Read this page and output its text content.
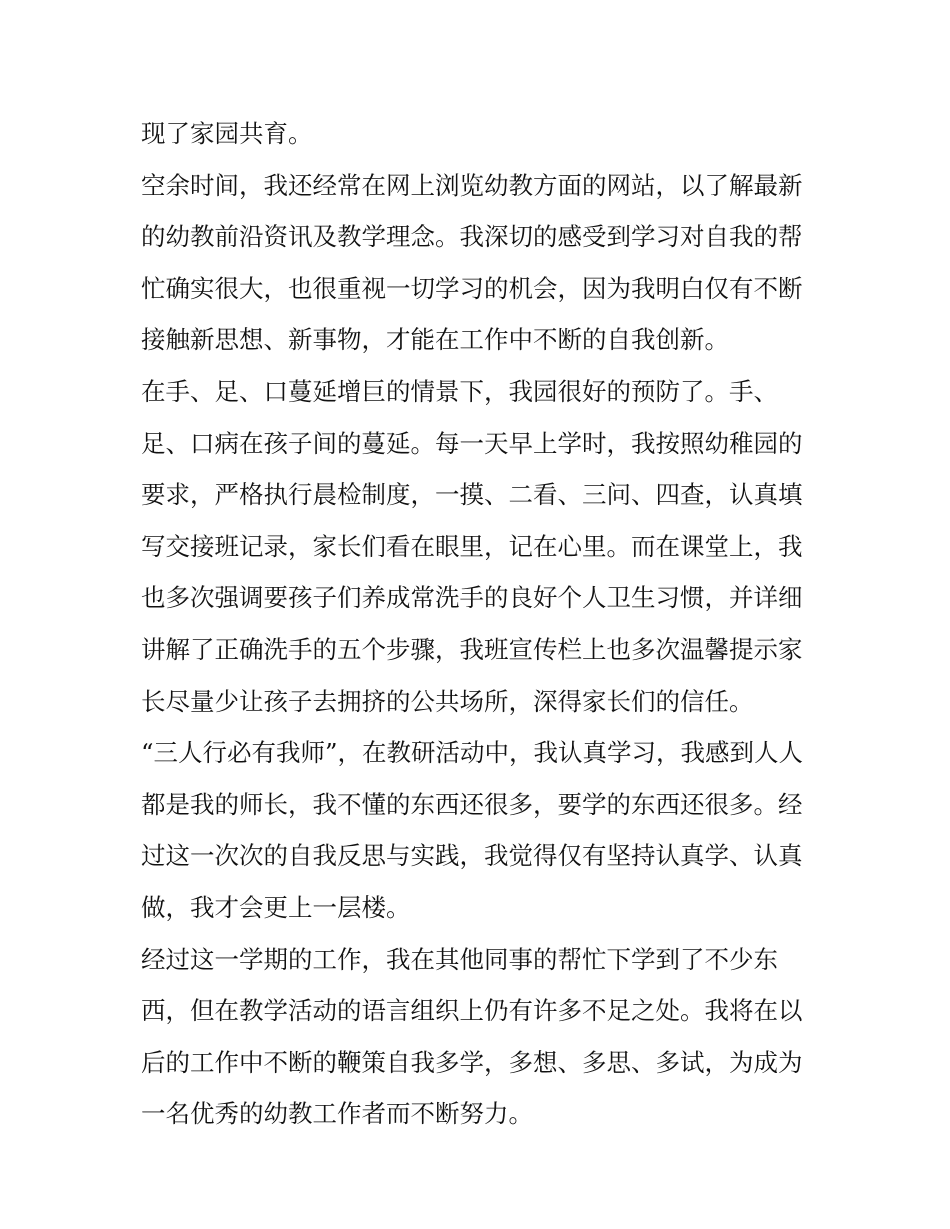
现了家园共育。

空余时间，我还经常在网上浏览幼教方面的网站，以了解最新

的幼教前沿资讯及教学理念。我深切的感受到学习对自我的帮

忙确实很大，也很重视一切学习的机会，因为我明白仅有不断

接触新思想、新事物，才能在工作中不断的自我创新。

在手、足、口蔓延增巨的情景下，我园很好的预防了。手、

足、口病在孩子间的蔓延。每一天早上学时，我按照幼稚园的

要求，严格执行晨检制度，一摸、二看、三问、四查，认真填

写交接班记录，家长们看在眼里，记在心里。而在课堂上，我

也多次强调要孩子们养成常洗手的良好个人卫生习惯，并详细

讲解了正确洗手的五个步骤，我班宣传栏上也多次温馨提示家

长尽量少让孩子去拥挤的公共场所，深得家长们的信任。

“三人行必有我师”，在教研活动中，我认真学习，我感到人人

都是我的师长，我不懂的东西还很多，要学的东西还很多。经

过这一次次的自我反思与实践，我觉得仅有坚持认真学、认真

做，我才会更上一层楼。

经过这一学期的工作，我在其他同事的帮忙下学到了不少东

西，但在教学活动的语言组织上仍有许多不足之处。我将在以

后的工作中不断的鞭策自我多学，多想、多思、多试，为成为

一名优秀的幼教工作者而不断努力。
